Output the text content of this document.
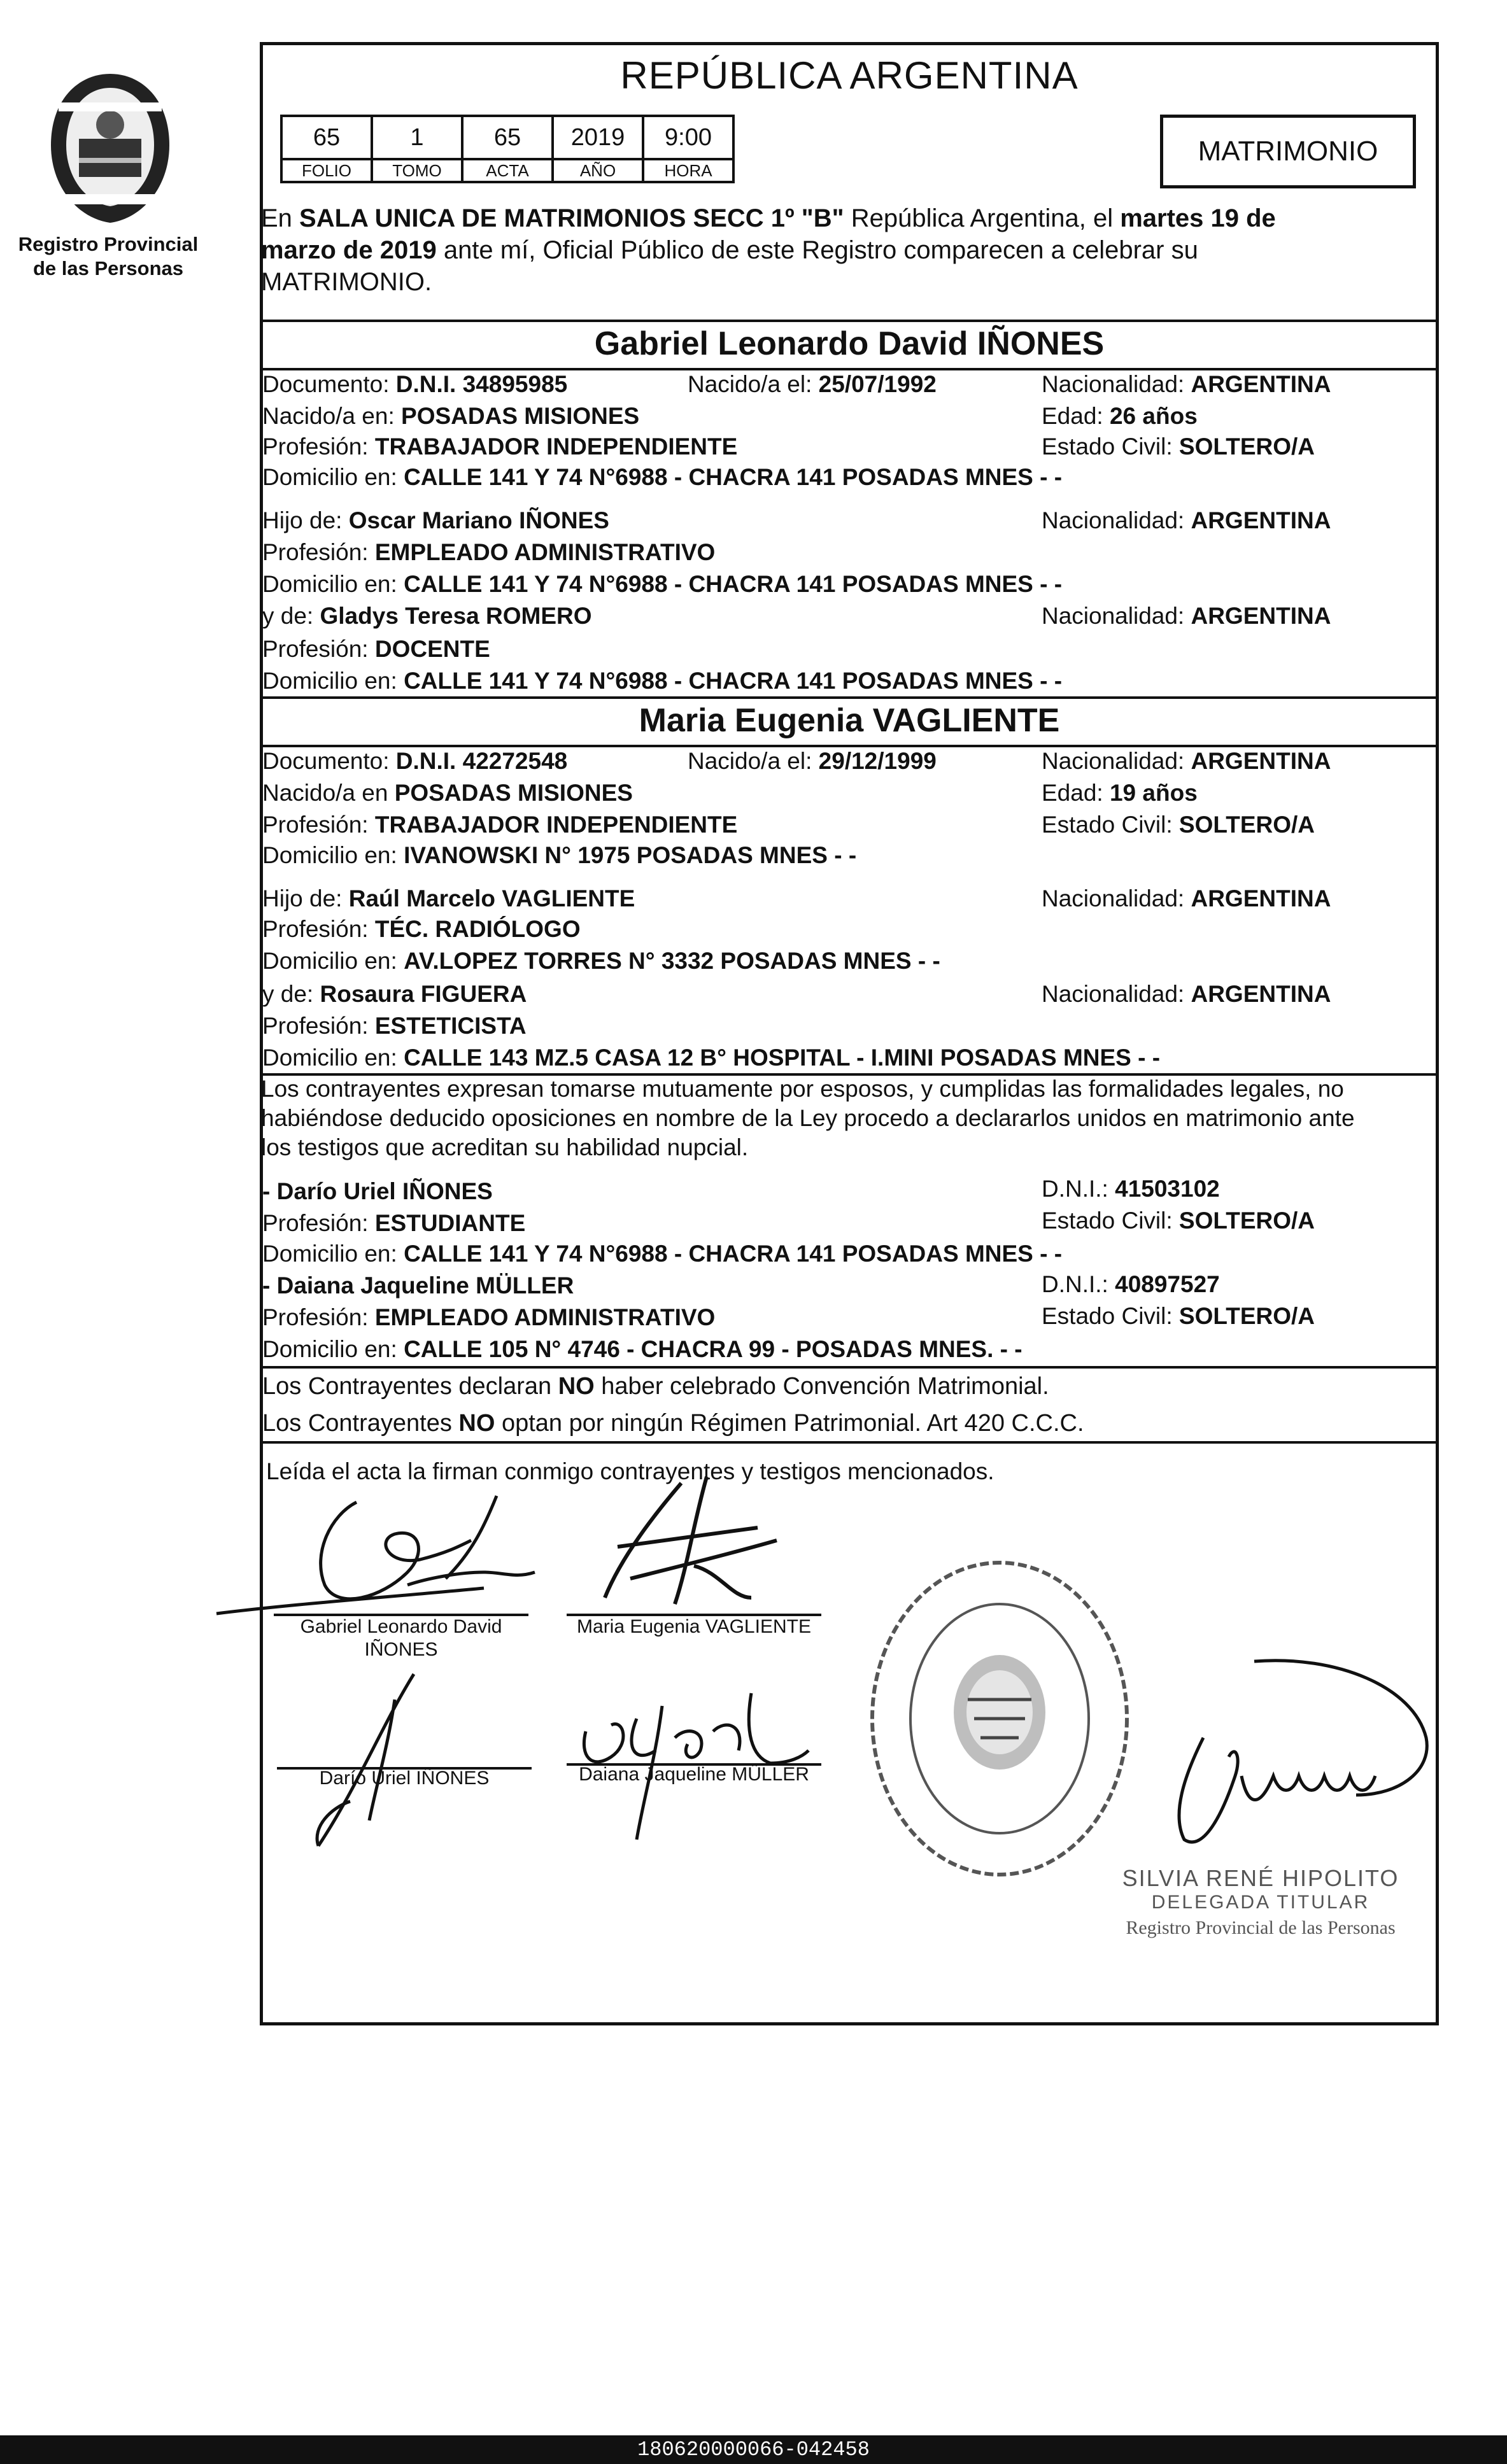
Registro Provincial
de las Personas
REPÚBLICA ARGENTINA
65	1	65	2019	9:00
FOLIO	TOMO	ACTA	AÑO	HORA
MATRIMONIO
En SALA UNICA DE MATRIMONIOS SECC 1º "B" República Argentina, el martes 19 de
marzo de 2019 ante mí, Oficial Público de este Registro comparecen a celebrar su
MATRIMONIO.
Gabriel Leonardo David IÑONES
Documento: D.N.I. 34895985	Nacido/a el: 25/07/1992	Nacionalidad: ARGENTINA
Nacido/a en: POSADAS MISIONES	Edad: 26 años
Profesión: TRABAJADOR INDEPENDIENTE	Estado Civil: SOLTERO/A
Domicilio en: CALLE 141 Y 74 N°6988 - CHACRA 141 POSADAS MNES - -
Hijo de: Oscar Mariano IÑONES	Nacionalidad: ARGENTINA
Profesión: EMPLEADO ADMINISTRATIVO
Domicilio en: CALLE 141 Y 74 N°6988 - CHACRA 141 POSADAS MNES - -
y de: Gladys Teresa ROMERO	Nacionalidad: ARGENTINA
Profesión: DOCENTE
Domicilio en: CALLE 141 Y 74 N°6988 - CHACRA 141 POSADAS MNES - -
Maria Eugenia VAGLIENTE
Documento: D.N.I. 42272548	Nacido/a el: 29/12/1999	Nacionalidad: ARGENTINA
Nacido/a en POSADAS MISIONES	Edad: 19 años
Profesión: TRABAJADOR INDEPENDIENTE	Estado Civil: SOLTERO/A
Domicilio en: IVANOWSKI N° 1975 POSADAS MNES - -
Hijo de: Raúl Marcelo VAGLIENTE	Nacionalidad: ARGENTINA
Profesión: TÉC. RADIÓLOGO
Domicilio en: AV.LOPEZ TORRES N° 3332 POSADAS MNES - -
y de: Rosaura FIGUERA	Nacionalidad: ARGENTINA
Profesión: ESTETICISTA
Domicilio en: CALLE 143 MZ.5 CASA 12 B° HOSPITAL - I.MINI POSADAS MNES - -
Los contrayentes expresan tomarse mutuamente por esposos, y cumplidas las formalidades legales, no
habiéndose deducido oposiciones en nombre de la Ley procedo a declararlos unidos en matrimonio ante
los testigos que acreditan su habilidad nupcial.
- Darío Uriel IÑONES	D.N.I.: 41503102
Profesión: ESTUDIANTE	Estado Civil: SOLTERO/A
Domicilio en: CALLE 141 Y 74 N°6988 - CHACRA 141 POSADAS MNES - -
- Daiana Jaqueline MÜLLER	D.N.I.: 40897527
Profesión: EMPLEADO ADMINISTRATIVO	Estado Civil: SOLTERO/A
Domicilio en: CALLE 105 N° 4746 - CHACRA 99 - POSADAS MNES. - -
Los Contrayentes declaran NO haber celebrado Convención Matrimonial.
Los Contrayentes NO optan por ningún Régimen Patrimonial. Art 420 C.C.C.
Leída el acta la firman conmigo contrayentes y testigos mencionados.
Gabriel Leonardo David
IÑONES
Maria Eugenia VAGLIENTE
Darío Uriel IÑONES	Daiana Jaqueline MÜLLER
SILVIA RENÉ HIPOLITO
DELEGADA TITULAR
Registro Provincial de las Personas
180620000066-042458
